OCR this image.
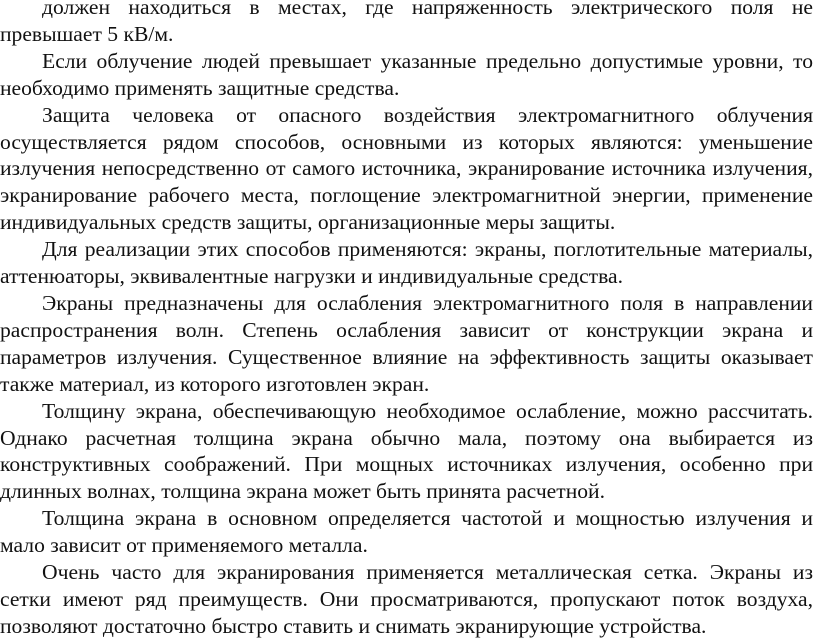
должен находиться в местах, где напряженность электрического поля не
превышает 5 кВ/м.

Если облучение людей превышает указанные предельно допустимые уровни, то необходимо применять защитные средства.

Защита человека от опасного воздействия электромагнитного облучения осуществляется рядом способов, основными из которых являются: уменьшение излучения непосредственно от самого источника, экранирование источника излучения, экранирование рабочего места, поглощение электромагнитной энергии, применение индивидуальных средств защиты, организационные меры защиты.

Для реализации этих способов применяются: экраны, поглотительные материалы, аттенюаторы, эквивалентные нагрузки и индивидуальные средства.

Экраны предназначены для ослабления электромагнитного поля в направлении распространения волн. Степень ослабления зависит от конструкции экрана и параметров излучения. Существенное влияние на эффективность защиты оказывает также материал, из которого изготовлен экран.

Толщину экрана, обеспечивающую необходимое ослабление, можно рассчитать. Однако расчетная толщина экрана обычно мала, поэтому она выбирается из конструктивных соображений. При мощных источниках излучения, особенно при длинных волнах, толщина экрана может быть принята расчетной.

Толщина экрана в основном определяется частотой и мощностью излучения и мало зависит от применяемого металла.

Очень часто для экранирования применяется металлическая сетка. Экраны из сетки имеют ряд преимуществ. Они просматриваются, пропускают поток воздуха, позволяют достаточно быстро ставить и снимать экранирующие устройства.
